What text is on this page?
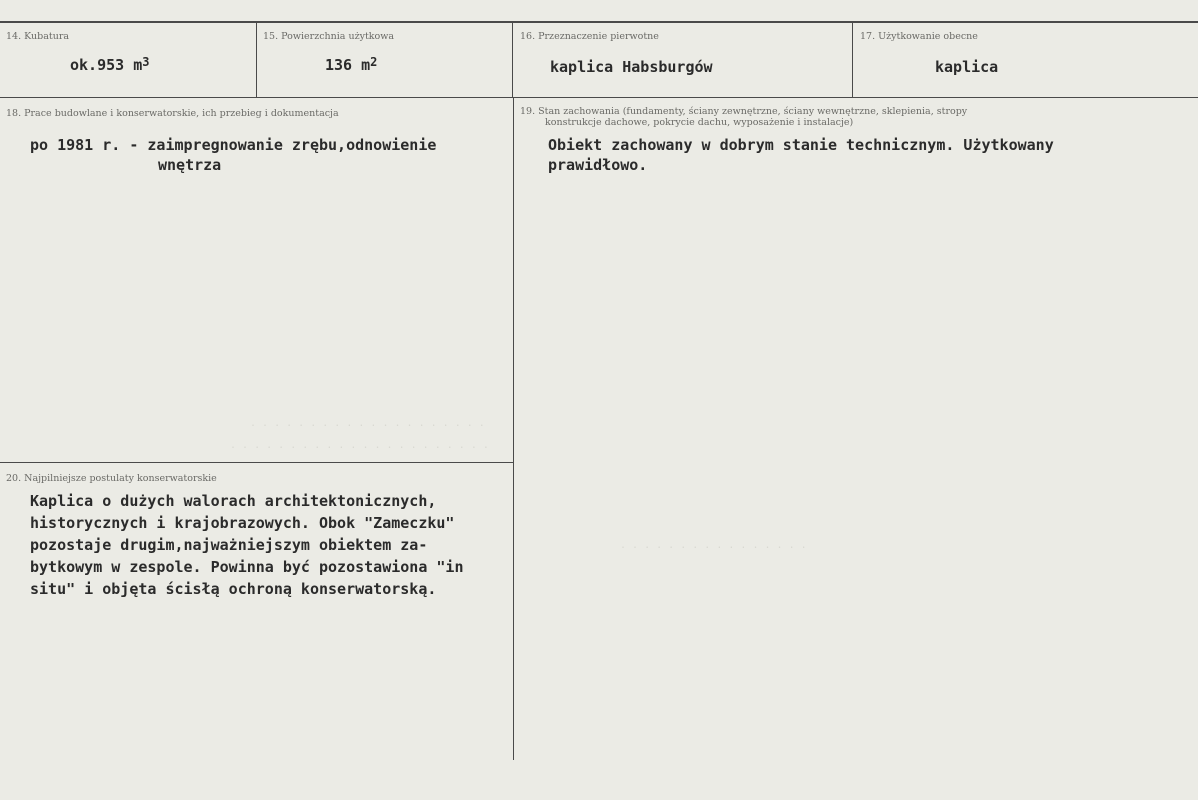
. . . . . . . . . . . . . . . . . . . .
. . . . . . . . . . . . . . . . . . . . . .
. . . . . . . . . . . . . . . .
14. Kubatura
ok.953 $m^3$
15. Powierzchnia użytkowa
136 $m^2$
16. Przeznaczenie pierwotne
kaplica Habsburgów
17. Użytkowanie obecne
kaplica
18. Prace budowlane i konserwatorskie, ich przebieg i dokumentacja
po 1981 r. - zaimpregnowanie zrębu,odnowienie
wnętrza
19. Stan zachowania (fundamenty, ściany zewnętrzne, ściany wewnętrzne, sklepienia, stropy
konstrukcje dachowe, pokrycie dachu, wyposażenie i instalacje)
Obiekt zachowany w dobrym stanie technicznym. Użytkowany
prawidłowo.
20. Najpilniejsze postulaty konserwatorskie
Kaplica o dużych walorach architektonicznych,
historycznych i krajobrazowych. Obok "Zameczku"
pozostaje drugim,najważniejszym obiektem za-
bytkowym w zespole. Powinna być pozostawiona "in
situ" i objęta ścisłą ochroną konserwatorską.
